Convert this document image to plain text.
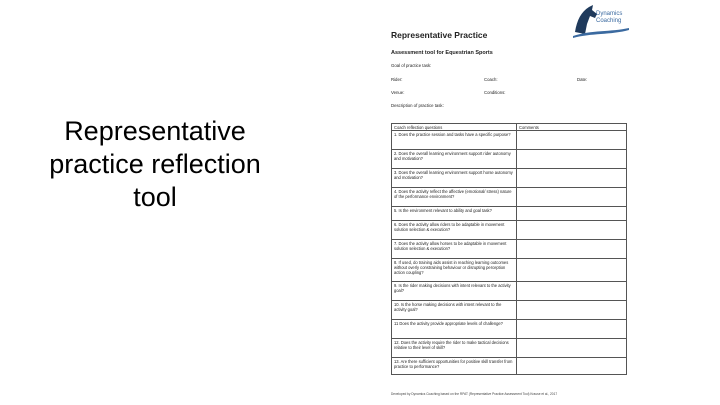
Representative practice reflection tool
Dynamics
Coaching
Representative Practice
Assessment tool for Equestrian Sports
Goal of practice task:
Rider:	Coach:	Date:
Venue:	Conditions:
Description of practice task:
Coach reflection questions	Comments
1. Does the practice session and tasks have a specific purpose?	
2. Does the overall learning environment support rider autonomy and motivation?	
3. Does the overall learning environment support horse autonomy and motivation?	
4. Does the activity reflect the affective (emotional/ stress) nature of the performance environment?	
5. Is the environment relevant to ability and goal task?	
6. Does the activity allow riders to be adaptable in movement solution selection & execution?	
7. Does the activity allow horses to be adaptable in movement solution selection & execution?	
8. If used, do training aids assist in reaching learning outcomes without overly constraining behaviour or disrupting perception action coupling?	
9. Is the rider making decisions with intent relevant to the activity goal?	
10. Is the horse making decisions with intent relevant to the activity goal?	
11 Does the activity provide appropriate levels of challenge?	
12. Does the activity require the rider to make tactical decisions relative to their level of skill?	
13. Are there sufficient opportunities for positive skill transfer from practice to performance?	
Developed by Dynamics Coaching based on the RPAT (Representative Practice Assessment Tool) Krause et al., 2017
